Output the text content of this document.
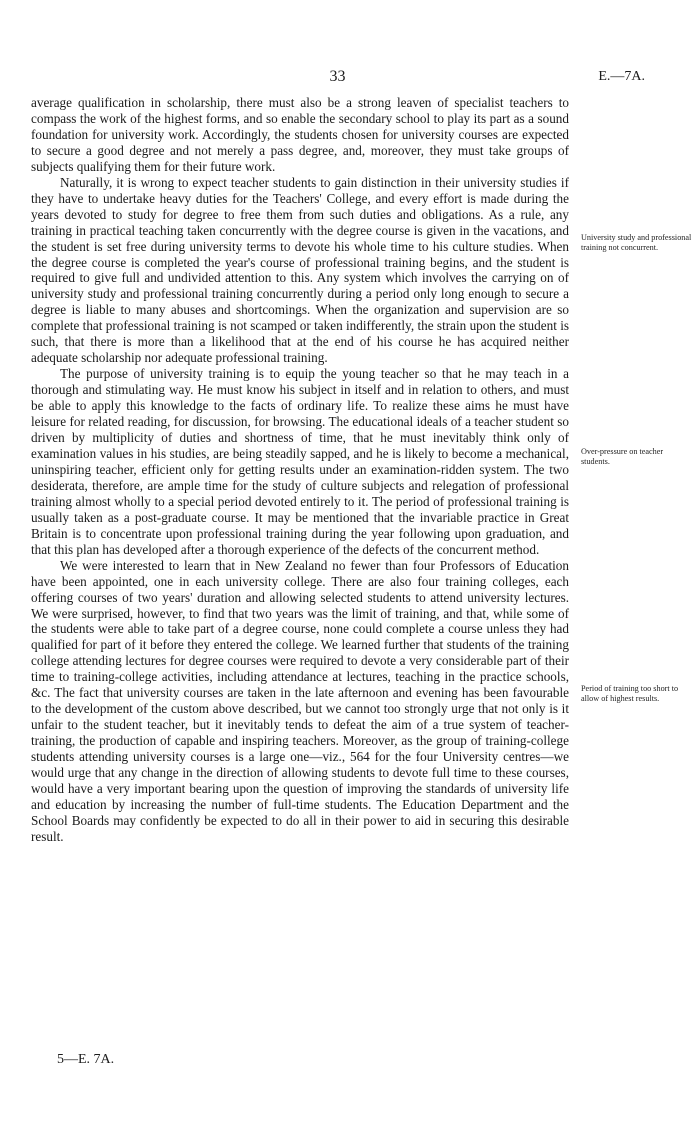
33	E.—7A.

average qualification in scholarship, there must also be a strong leaven of specialist teachers to compass the work of the highest forms, and so enable the secondary school to play its part as a sound foundation for university work. Accordingly, the students chosen for university courses are expected to secure a good degree and not merely a pass degree, and, moreover, they must take groups of subjects qualifying them for their future work.

Naturally, it is wrong to expect teacher students to gain distinction in their university studies if they have to undertake heavy duties for the Teachers' College, and every effort is made during the years devoted to study for degree to free them from such duties and obligations. As a rule, any training in practical teaching taken concurrently with the degree course is given in the vacations, and the student is set free during university terms to devote his whole time to his culture studies. When the degree course is completed the year's course of professional training begins, and the student is required to give full and undivided attention to this. Any system which involves the carrying on of university study and professional training concurrently during a period only long enough to secure a degree is liable to many abuses and shortcomings. When the organization and supervision are so complete that professional training is not scamped or taken indifferently, the strain upon the student is such, that there is more than a likelihood that at the end of his course he has acquired neither adequate scholarship nor adequate professional training.

The purpose of university training is to equip the young teacher so that he may teach in a thorough and stimulating way. He must know his subject in itself and in relation to others, and must be able to apply this knowledge to the facts of ordinary life. To realize these aims he must have leisure for related reading, for discussion, for browsing. The educational ideals of a teacher student so driven by multiplicity of duties and shortness of time, that he must inevitably think only of examination values in his studies, are being steadily sapped, and he is likely to become a mechanical, uninspiring teacher, efficient only for getting results under an examination-ridden system. The two desiderata, therefore, are ample time for the study of culture subjects and relegation of professional training almost wholly to a special period devoted entirely to it. The period of professional training is usually taken as a post-graduate course. It may be mentioned that the invariable practice in Great Britain is to concentrate upon professional training during the year following upon graduation, and that this plan has developed after a thorough experience of the defects of the concurrent method.

We were interested to learn that in New Zealand no fewer than four Professors of Education have been appointed, one in each university college. There are also four training colleges, each offering courses of two years' duration and allowing selected students to attend university lectures. We were surprised, however, to find that two years was the limit of training, and that, while some of the students were able to take part of a degree course, none could complete a course unless they had qualified for part of it before they entered the college. We learned further that students of the training college attending lectures for degree courses were required to devote a very considerable part of their time to training-college activities, including attendance at lectures, teaching in the practice schools, &c. The fact that university courses are taken in the late afternoon and evening has been favourable to the development of the custom above described, but we cannot too strongly urge that not only is it unfair to the student teacher, but it inevitably tends to defeat the aim of a true system of teacher-training, the production of capable and inspiring teachers. Moreover, as the group of training-college students attending university courses is a large one—viz., 564 for the four University centres—we would urge that any change in the direction of allowing students to devote full time to these courses, would have a very important bearing upon the question of improving the standards of university life and education by increasing the number of full-time students. The Education Department and the School Boards may confidently be expected to do all in their power to aid in securing this desirable result.

University study and professional training not concurrent.
Over-pressure on teacher students.
Period of training too short to allow of highest results.
5—E. 7A.
